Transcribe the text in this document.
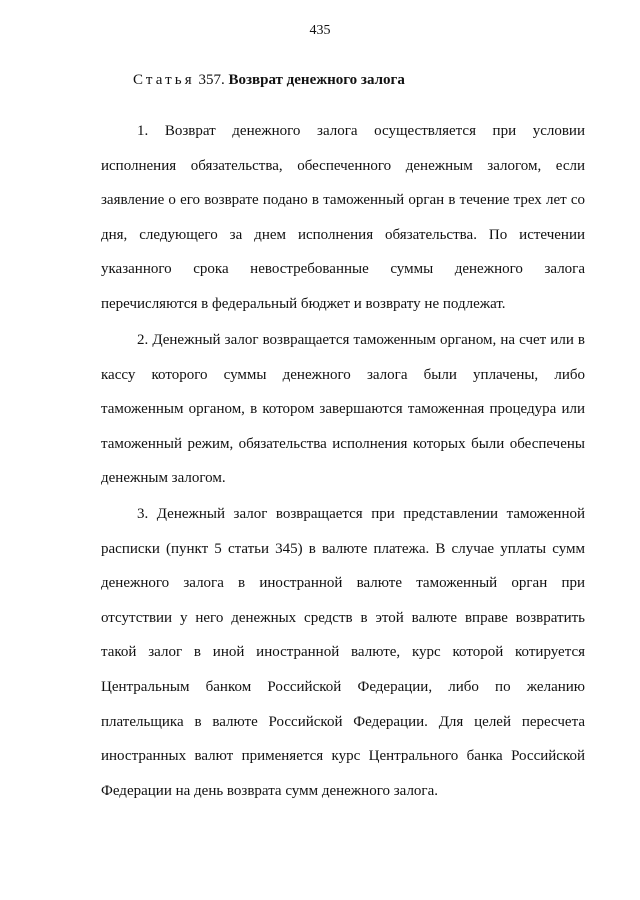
435
Статья 357. Возврат денежного залога
1. Возврат денежного залога осуществляется при условии
исполнения обязательства, обеспеченного денежным залогом, если
заявление о его возврате подано в таможенный орган в течение трех лет со
дня, следующего за днем исполнения обязательства. По истечении
указанного срока невостребованные суммы денежного залога
перечисляются в федеральный бюджет и возврату не подлежат.
2. Денежный залог возвращается таможенным органом, на счет или в
кассу которого суммы денежного залога были уплачены, либо
таможенным органом, в котором завершаются таможенная процедура или
таможенный режим, обязательства исполнения которых были обеспечены
денежным залогом.
3. Денежный залог возвращается при представлении таможенной
расписки (пункт 5 статьи 345) в валюте платежа. В случае уплаты сумм
денежного залога в иностранной валюте таможенный орган при
отсутствии у него денежных средств в этой валюте вправе возвратить
такой залог в иной иностранной валюте, курс которой котируется
Центральным банком Российской Федерации, либо по желанию
плательщика в валюте Российской Федерации. Для целей пересчета
иностранных валют применяется курс Центрального банка Российской
Федерации на день возврата сумм денежного залога.
